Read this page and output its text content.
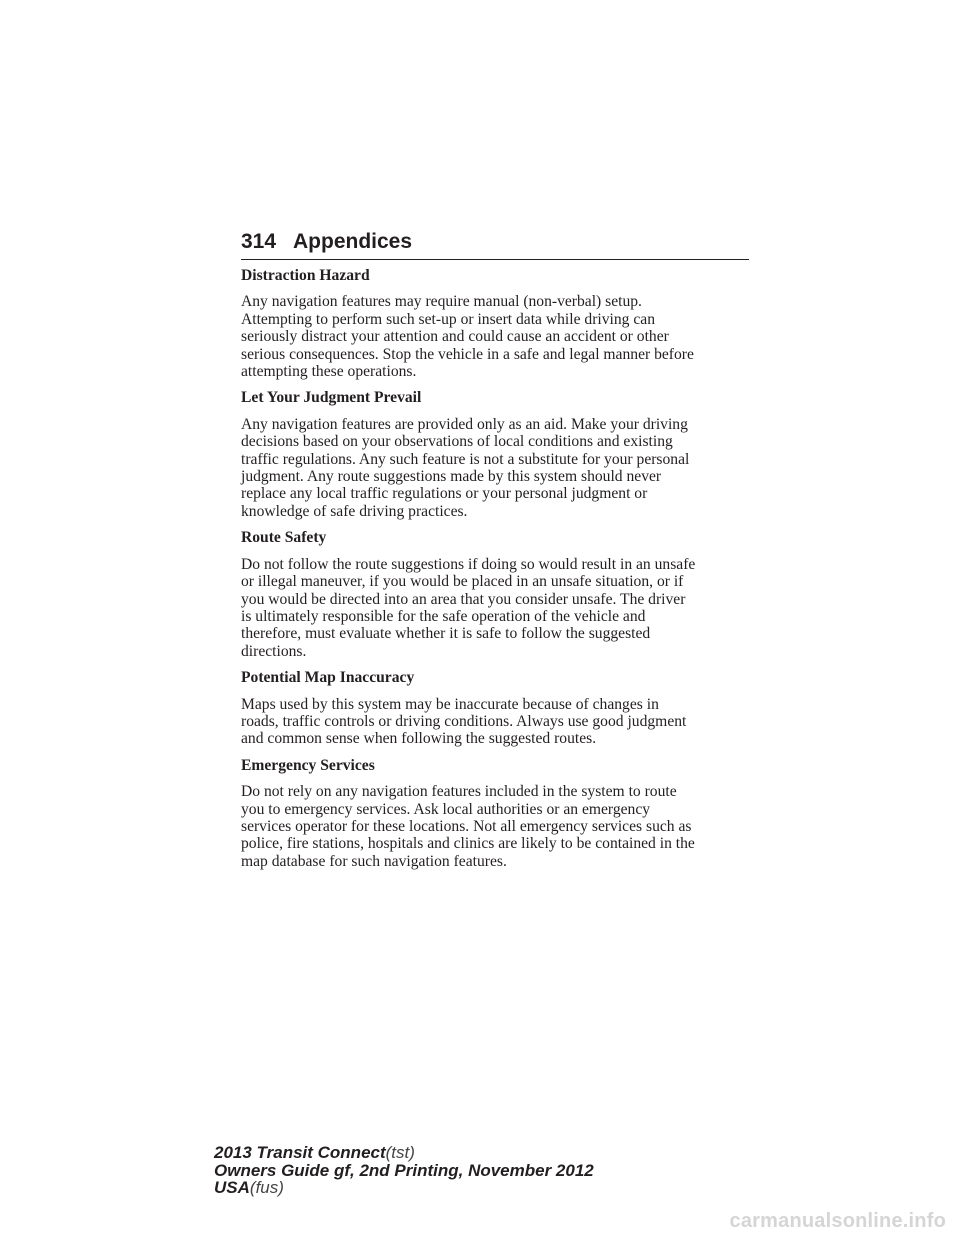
314 Appendices
Distraction Hazard

Any navigation features may require manual (non-verbal) setup.
Attempting to perform such set-up or insert data while driving can
seriously distract your attention and could cause an accident or other
serious consequences. Stop the vehicle in a safe and legal manner before
attempting these operations.

Let Your Judgment Prevail

Any navigation features are provided only as an aid. Make your driving
decisions based on your observations of local conditions and existing
traffic regulations. Any such feature is not a substitute for your personal
judgment. Any route suggestions made by this system should never
replace any local traffic regulations or your personal judgment or
knowledge of safe driving practices.

Route Safety

Do not follow the route suggestions if doing so would result in an unsafe
or illegal maneuver, if you would be placed in an unsafe situation, or if
you would be directed into an area that you consider unsafe. The driver
is ultimately responsible for the safe operation of the vehicle and
therefore, must evaluate whether it is safe to follow the suggested
directions.

Potential Map Inaccuracy

Maps used by this system may be inaccurate because of changes in
roads, traffic controls or driving conditions. Always use good judgment
and common sense when following the suggested routes.

Emergency Services

Do not rely on any navigation features included in the system to route
you to emergency services. Ask local authorities or an emergency
services operator for these locations. Not all emergency services such as
police, fire stations, hospitals and clinics are likely to be contained in the
map database for such navigation features.

2013 Transit Connect(tst)
Owners Guide gf, 2nd Printing, November 2012
USA(fus)
carmanualsonline.info
